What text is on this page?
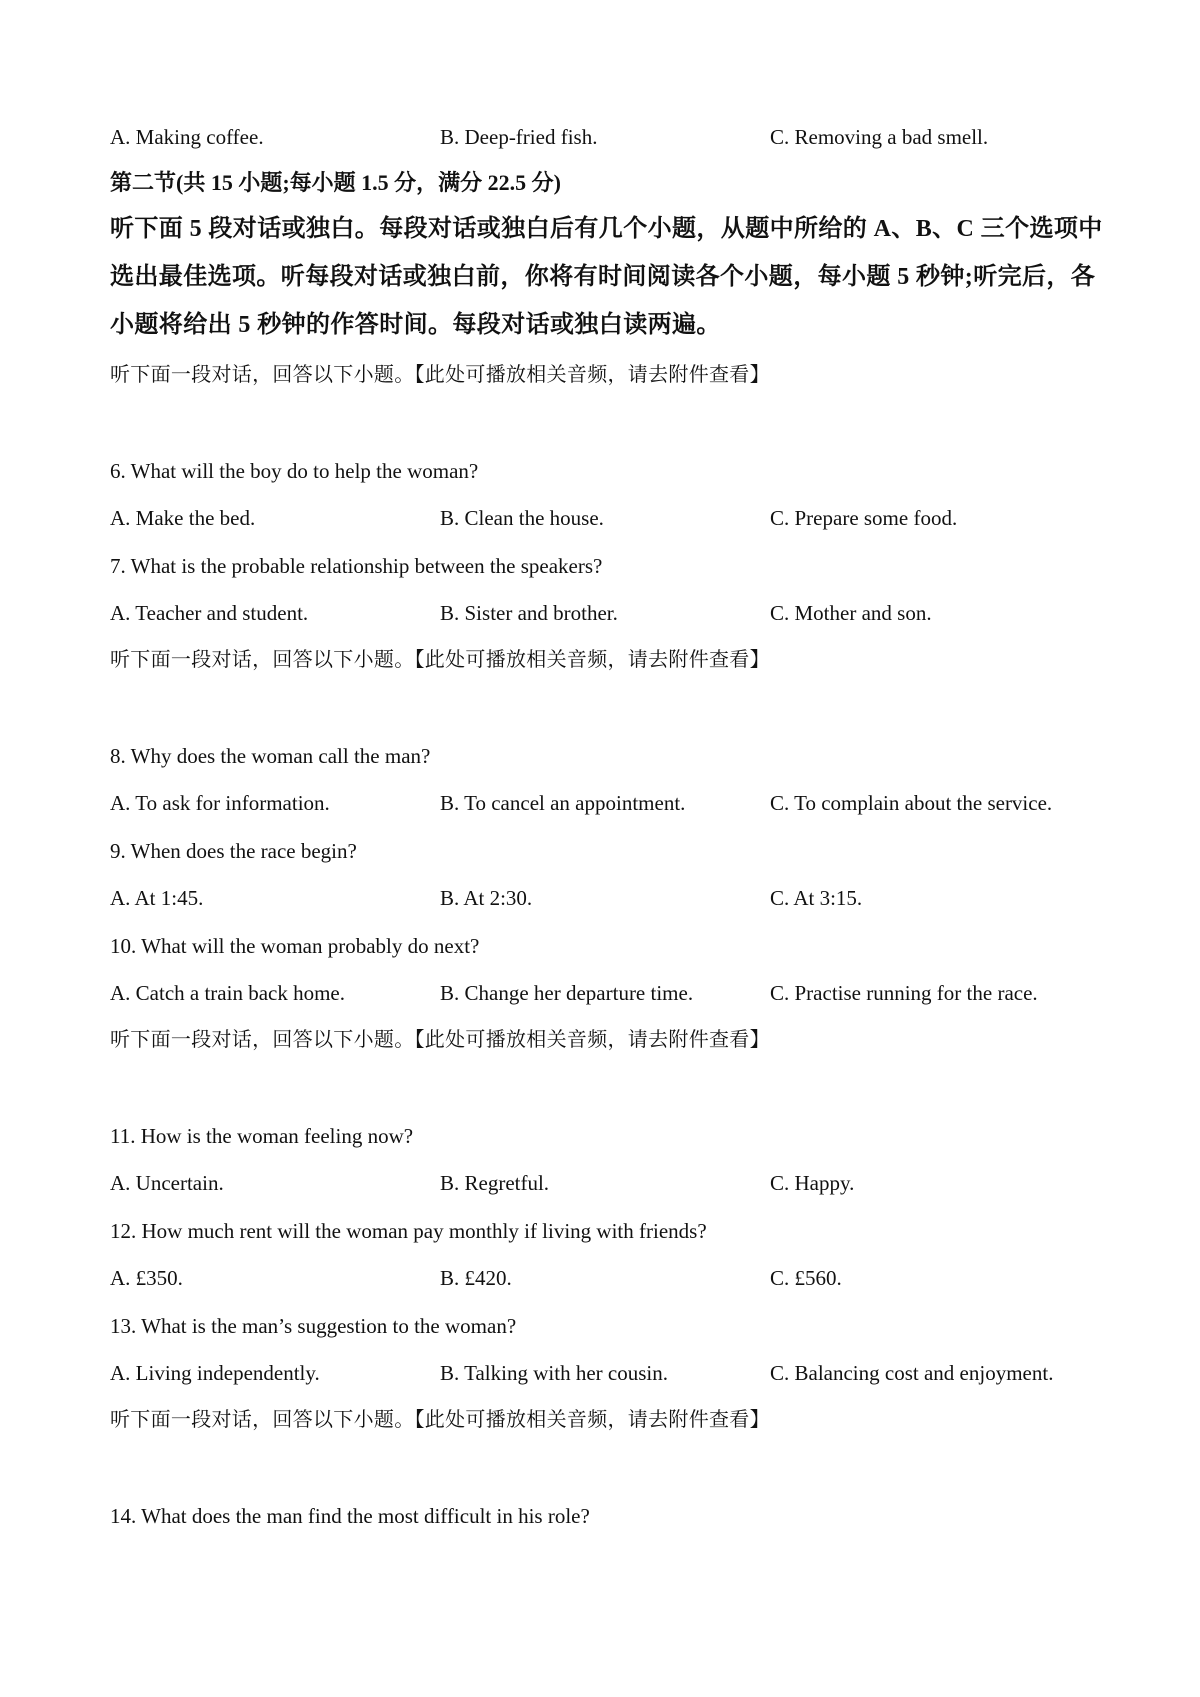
A. Making coffee.	B. Deep-fried fish.	C. Removing a bad smell.
第二节(共 15 小题;每小题 1.5 分，满分 22.5 分)
听下面 5 段对话或独白。每段对话或独白后有几个小题，从题中所给的 A、B、C 三个选项中
选出最佳选项。听每段对话或独白前，你将有时间阅读各个小题，每小题 5 秒钟;听完后，各
小题将给出 5 秒钟的作答时间。每段对话或独白读两遍。
听下面一段对话，回答以下小题。【此处可播放相关音频，请去附件查看】
6. What will the boy do to help the woman?
A. Make the bed.	B. Clean the house.	C. Prepare some food.
7. What is the probable relationship between the speakers?
A. Teacher and student.	B. Sister and brother.	C. Mother and son.
听下面一段对话，回答以下小题。【此处可播放相关音频，请去附件查看】
8. Why does the woman call the man?
A. To ask for information.	B. To cancel an appointment.	C. To complain about the service.
9. When does the race begin?
A. At 1:45.	B. At 2:30.	C. At 3:15.
10. What will the woman probably do next?
A. Catch a train back home.	B. Change her departure time.	C. Practise running for the race.
听下面一段对话，回答以下小题。【此处可播放相关音频，请去附件查看】
11. How is the woman feeling now?
A. Uncertain.	B. Regretful.	C. Happy.
12. How much rent will the woman pay monthly if living with friends?
A. £350.	B. £420.	C. £560.
13. What is the man’s suggestion to the woman?
A. Living independently.	B. Talking with her cousin.	C. Balancing cost and enjoyment.
听下面一段对话，回答以下小题。【此处可播放相关音频，请去附件查看】
14. What does the man find the most difficult in his role?
